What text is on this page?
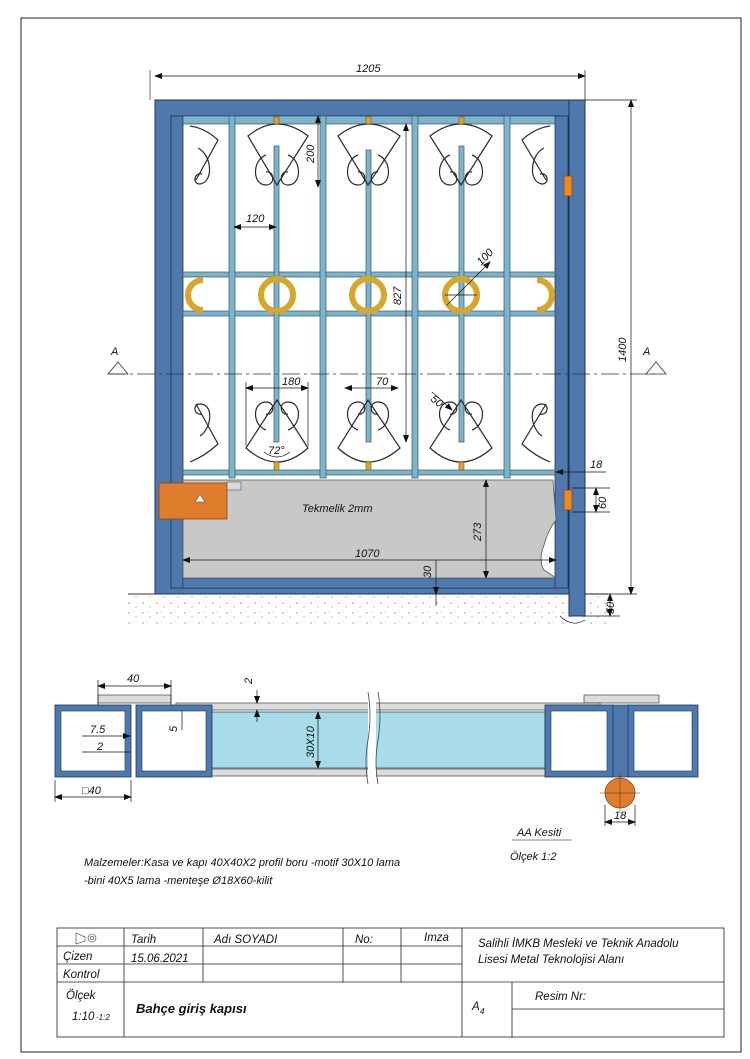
Tekmelik 2mm
A	A
1205
1400
200
120
827
100
180	70
50
72°
18
60
273
1070
30
50
40	2
5
7.5
2	30X10
□40
18
AA Kesiti
Ölçek 1:2
Malzemeler:Kasa ve kapı 40X40X2 profil boru -motif 30X10 lama
-bini 40X5 lama -menteşe Ø18X60-kilit
Tarih	Adı SOYADI	No:	Imza
Çizen	15.06.2021
Kontrol
Salihli İMKB Mesleki ve Teknik Anadolu
Lisesi Metal Teknolojisi Alanı
Ölçek
1:10 -1:2
Bahçe giriş kapısı	A 4
Resim Nr:
